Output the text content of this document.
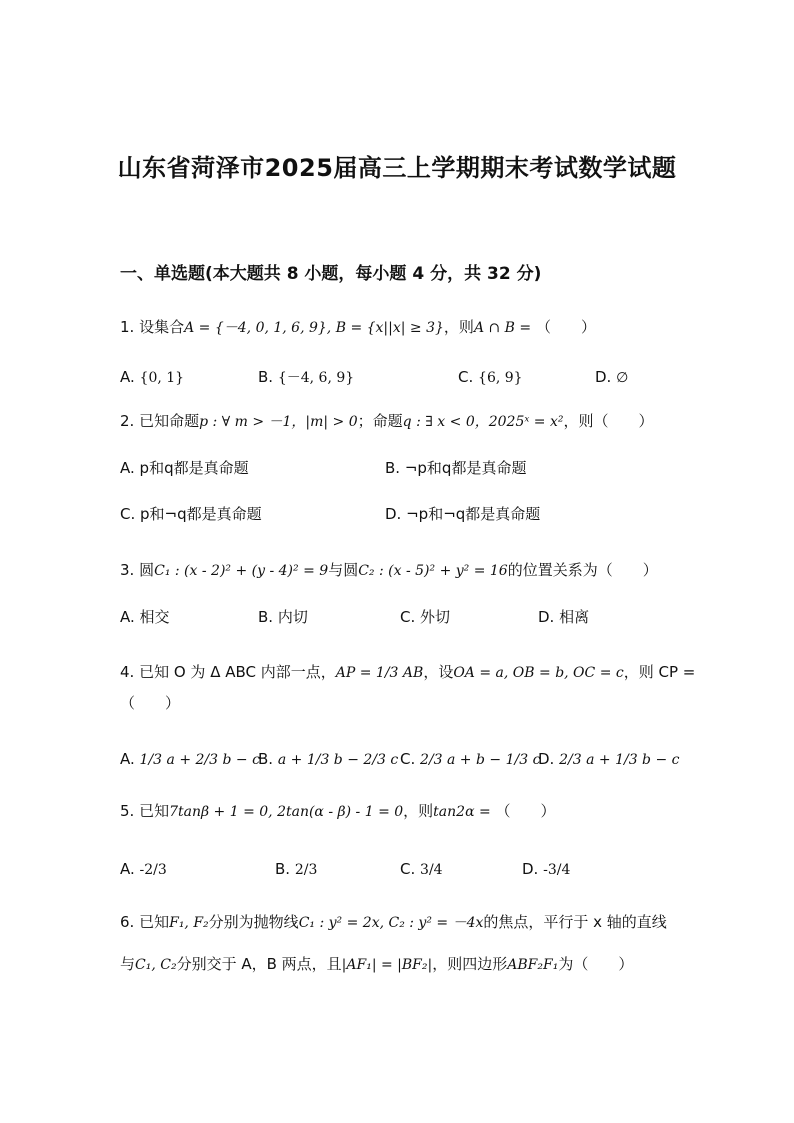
山东省菏泽市2025届高三上学期期末考试数学试题
一、单选题(本大题共 8 小题，每小题 4 分，共 32 分)
1. 设集合A = {－4, 0, 1, 6, 9}, B = {x||x| ≥ 3}，则A ∩ B = （　　）
A. {0, 1}	B. {－4, 6, 9}	C. {6, 9}	D. ∅
2. 已知命题p : ∀ m > －1，|m| > 0；命题q : ∃ x < 0，2025ˣ = x²，则（　　）
A. p和q都是真命题	B. ¬p和q都是真命题
C. p和¬q都是真命题	D. ¬p和¬q都是真命题
3. 圆C₁ : (x - 2)² + (y - 4)² = 9与圆C₂ : (x - 5)² + y² = 16的位置关系为（　　）
A. 相交	B. 内切	C. 外切	D. 相离
4. 已知 O 为 Δ ABC 内部一点，AP = 1/3 AB，设OA = a, OB = b, OC = c，则 CP =
（　　）
A. 1/3 a + 2/3 b − c
B. a + 1/3 b − 2/3 c C. 2/3 a + b − 1/3 c
D. 2/3 a + 1/3 b − c
5. 已知7tanβ + 1 = 0, 2tan(α - β) - 1 = 0，则tan2α = （　　）
A. -2/3	B. 2/3	C. 3/4	D. -3/4
6. 已知F₁, F₂分别为抛物线C₁ : y² = 2x, C₂ : y² = －4x的焦点，平行于 x 轴的直线
与C₁, C₂分别交于 A，B 两点，且|AF₁| = |BF₂|，则四边形ABF₂F₁为（　　）
